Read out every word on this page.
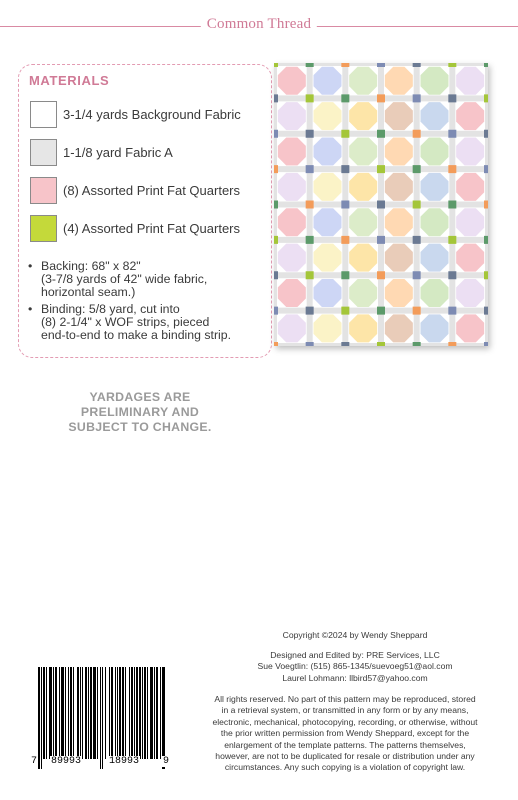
Common Thread
MATERIALS
3-1/4 yards Background Fabric
1-1/8 yard Fabric A
(8) Assorted Print Fat Quarters
(4) Assorted Print Fat Quarters
• Backing: 68" x 82"
(3-7/8 yards of 42" wide fabric,
horizontal seam.)
• Binding: 5/8 yard, cut into
(8) 2-1/4" x WOF strips, pieced
end-to-end to make a binding strip.
YARDAGES ARE
PRELIMINARY AND
SUBJECT TO CHANGE.
Copyright ©2024 by Wendy Sheppard
Designed and Edited by: PRE Services, LLC
Sue Voegtlin: (515) 865-1345/suevoeg51@aol.com
Laurel Lohmann: llbird57@yahoo.com
All rights reserved. No part of this pattern may be reproduced, stored
in a retrieval system, or transmitted in any form or by any means,
electronic, mechanical, photocopying, recording, or otherwise, without
the prior written permission from Wendy Sheppard, except for the
enlargement of the template patterns. The patterns themselves,
however, are not to be duplicated for resale or distribution under any
circumstances. Any such copying is a violation of copyright law.
7 89993	18993 9
